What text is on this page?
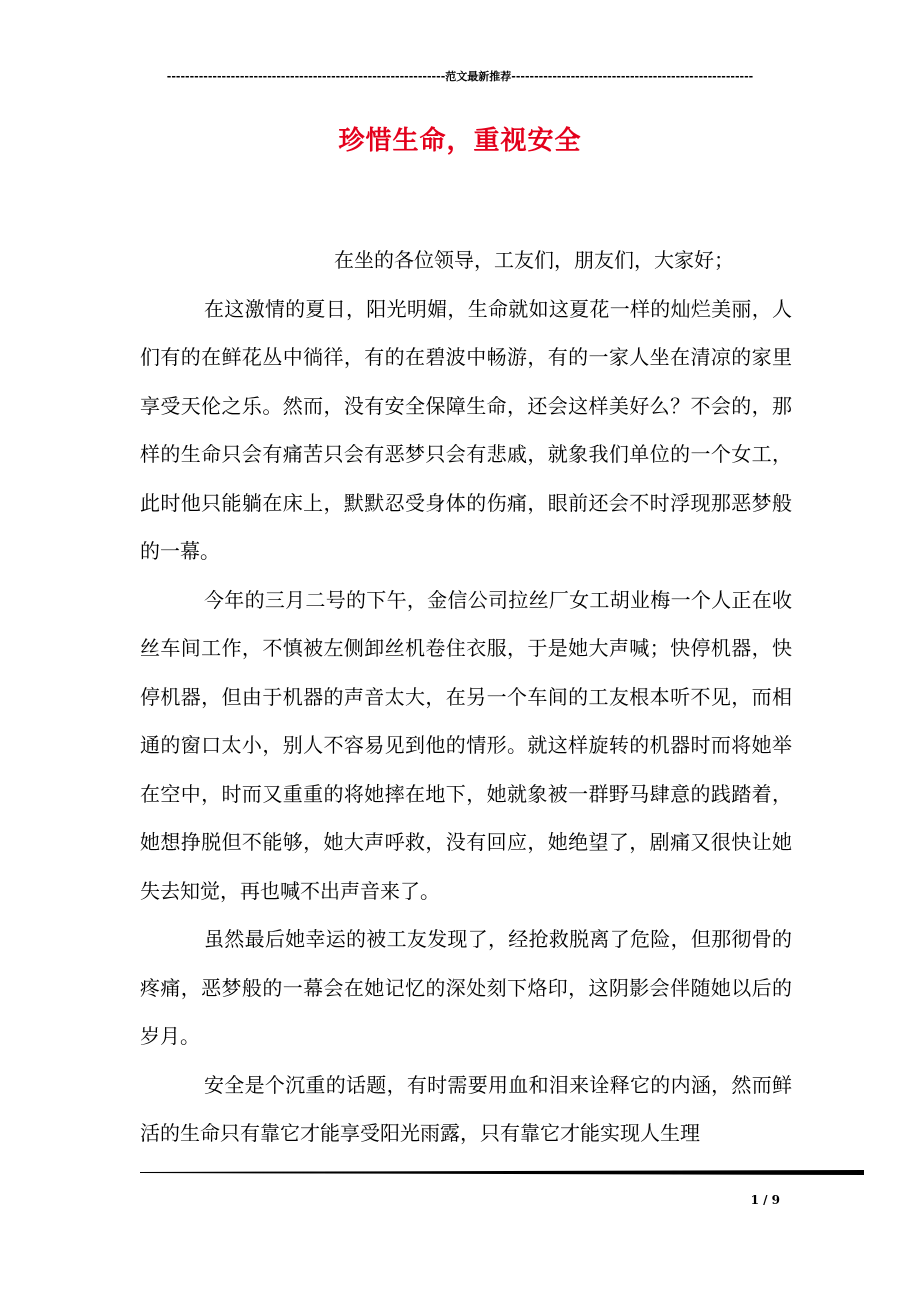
-------------------------------------------------------------范文最新推荐-----------------------------------------------------
珍惜生命，重视安全

在坐的各位领导，工友们，朋友们，大家好；

在这激情的夏日，阳光明媚，生命就如这夏花一样的灿烂美丽，人们有的在鲜花丛中徜徉，有的在碧波中畅游，有的一家人坐在清凉的家里享受天伦之乐。然而，没有安全保障生命，还会这样美好么？不会的，那样的生命只会有痛苦只会有恶梦只会有悲戚，就象我们单位的一个女工，此时他只能躺在床上，默默忍受身体的伤痛，眼前还会不时浮现那恶梦般的一幕。

今年的三月二号的下午，金信公司拉丝厂女工胡业梅一个人正在收丝车间工作，不慎被左侧卸丝机卷住衣服，于是她大声喊；快停机器，快停机器，但由于机器的声音太大，在另一个车间的工友根本听不见，而相通的窗口太小，别人不容易见到他的情形。就这样旋转的机器时而将她举在空中，时而又重重的将她摔在地下，她就象被一群野马肆意的践踏着，她想挣脱但不能够，她大声呼救，没有回应，她绝望了，剧痛又很快让她失去知觉，再也喊不出声音来了。

虽然最后她幸运的被工友发现了，经抢救脱离了危险，但那彻骨的疼痛，恶梦般的一幕会在她记忆的深处刻下烙印，这阴影会伴随她以后的岁月。

安全是个沉重的话题，有时需要用血和泪来诠释它的内涵，然而鲜活的生命只有靠它才能享受阳光雨露，只有靠它才能实现人生理

1 / 9
